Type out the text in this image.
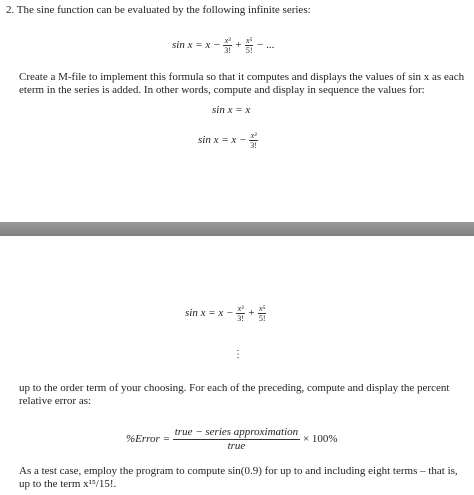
2. The sine function can be evaluated by the following infinite series:
$\sin x = x - \frac{\text{x³}}{3!} + \frac{\text{x⁵}}{5!}$ − ...
Create a M-file to implement this formula so that it computes and displays the values of sin x as each eterm in the series is added. In other words, compute and display in sequence the values for:
sin x = x
$\sin x = x - \frac{\text{x³}}{3!}$
$\sin x = x - \frac{\text{x³}}{3!} + \frac{\text{x⁵}}{5!}$
⋮
up to the order term of your choosing. For each of the preceding, compute and display the percent relative error as:
%Error = $\frac{\text{true − series approximation}}{\text{true}} \times 100\%$
As a test case, employ the program to compute sin(0.9) for up to and including eight terms – that is, up to the term x¹⁵/15!.
